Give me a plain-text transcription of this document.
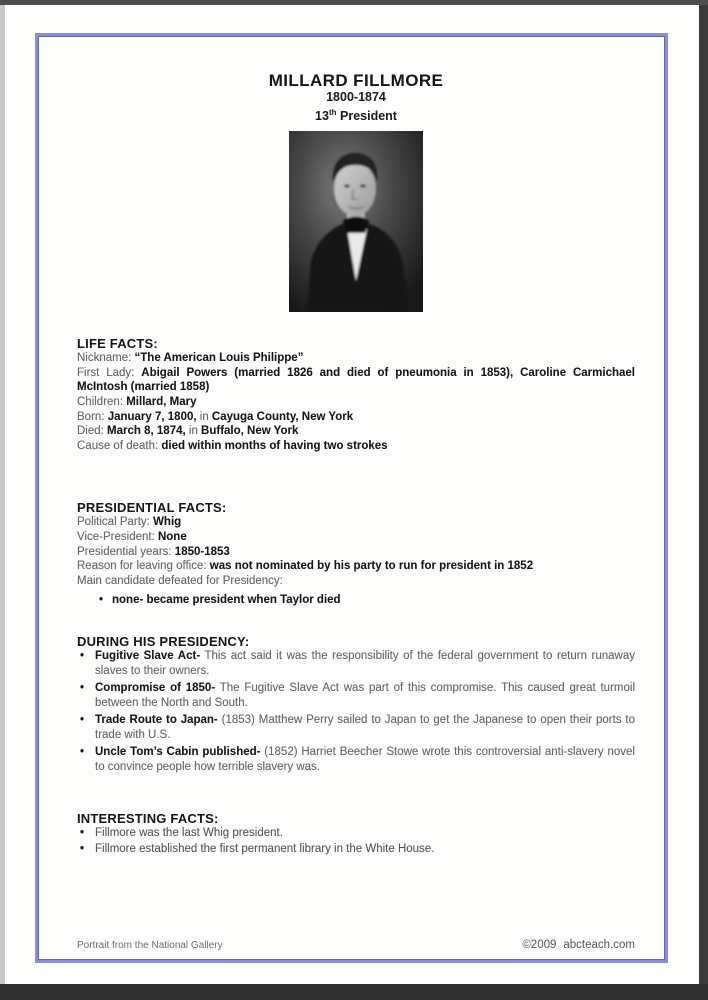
MILLARD FILLMORE
1800-1874
13th President
LIFE FACTS:

Nickname: “The American Louis Philippe”

First Lady: Abigail Powers (married 1826 and died of pneumonia in 1853), Caroline Carmichael McIntosh (married 1858)

Children: Millard, Mary

Born: January 7, 1800, in Cayuga County, New York

Died: March 8, 1874, in Buffalo, New York

Cause of death: died within months of having two strokes

PRESIDENTIAL FACTS:

Political Party: Whig

Vice-President: None

Presidential years: 1850-1853

Reason for leaving office: was not nominated by his party to run for president in 1852

Main candidate defeated for Presidency:

• none- became president when Taylor died
DURING HIS PRESIDENCY:
• Fugitive Slave Act- This act said it was the responsibility of the federal government to return runaway slaves to their owners.
• Compromise of 1850- The Fugitive Slave Act was part of this compromise. This caused great turmoil between the North and South.
• Trade Route to Japan- (1853) Matthew Perry sailed to Japan to get the Japanese to open their ports to trade with U.S.
• Uncle Tom’s Cabin published- (1852) Harriet Beecher Stowe wrote this controversial anti-slavery novel to convince people how terrible slavery was.
INTERESTING FACTS:
• Fillmore was the last Whig president.
• Fillmore established the first permanent library in the White House.
Portrait from the National Gallery	©2009 abcteach.com
